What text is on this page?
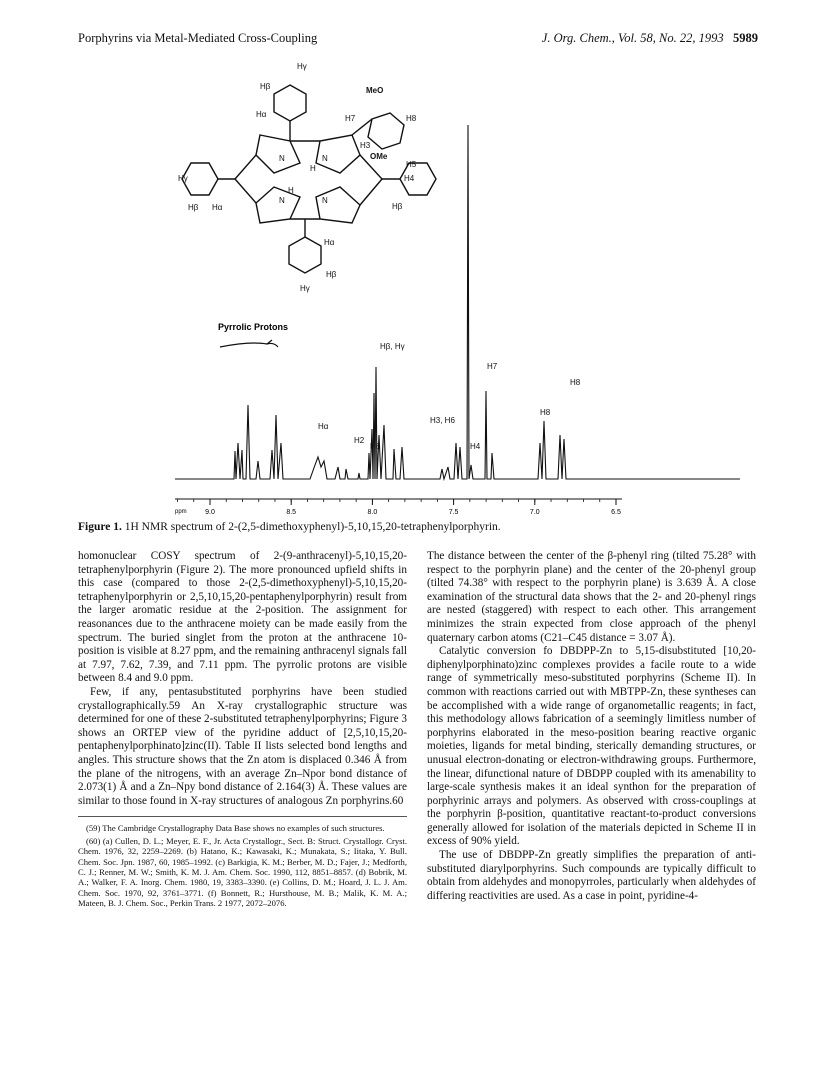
Porphyrins via Metal-Mediated Cross-Coupling	J. Org. Chem., Vol. 58, No. 22, 1993 5989
Hγ
Hβ
Hα
MeO
H7	H8
OMe
H3
H5
H4
N	N
N	N
H
H
Hγ
Hβ Hα	Hβ
Hα
Hβ
Hγ
Pyrrolic Protons
Hβ, Hγ
H7
H8
H8
H3, H6
H4
Hα
H2
H6
9.0	8.5	8.0	7.5	7.0	6.5
ppm
Figure 1. 1H NMR spectrum of 2-(2,5-dimethoxyphenyl)-5,10,15,20-tetraphenylporphyrin.

homonuclear COSY spectrum of 2-(9-anthracenyl)-5,10,15,20-tetraphenylporphyrin (Figure 2). The more pronounced upfield shifts in this case (compared to those 2-(2,5-dimethoxyphenyl)-5,10,15,20-tetraphenylporphyrin or 2,5,10,15,20-pentaphenylporphyrin) result from the larger aromatic residue at the 2-position. The assignment for reasonances due to the anthracene moiety can be made easily from the spectrum. The buried singlet from the proton at the anthracene 10-position is visible at 8.27 ppm, and the remaining anthracenyl signals fall at 7.97, 7.62, 7.39, and 7.11 ppm. The pyrrolic protons are visible between 8.4 and 9.0 ppm.

Few, if any, pentasubstituted porphyrins have been studied crystallographically.59 An X-ray crystallographic structure was determined for one of these 2-substituted tetraphenylporphyrins; Figure 3 shows an ORTEP view of the pyridine adduct of [2,5,10,15,20-pentaphenylporphinato]zinc(II). Table II lists selected bond lengths and angles. This structure shows that the Zn atom is displaced 0.346 Å from the plane of the nitrogens, with an average Zn–Npor bond distance of 2.073(1) Å and a Zn–Npy bond distance of 2.164(3) Å. These values are similar to those found in X-ray structures of analogous Zn porphyrins.60

(59) The Cambridge Crystallography Data Base shows no examples of such structures.

(60) (a) Cullen, D. L.; Meyer, E. F., Jr. Acta Crystallogr., Sect. B: Struct. Crystallogr. Cryst. Chem. 1976, 32, 2259–2269. (b) Hatano, K.; Kawasaki, K.; Munakata, S.; Iitaka, Y. Bull. Chem. Soc. Jpn. 1987, 60, 1985–1992. (c) Barkigia, K. M.; Berber, M. D.; Fajer, J.; Medforth, C. J.; Renner, M. W.; Smith, K. M. J. Am. Chem. Soc. 1990, 112, 8851–8857. (d) Bobrik, M. A.; Walker, F. A. Inorg. Chem. 1980, 19, 3383–3390. (e) Collins, D. M.; Hoard, J. L. J. Am. Chem. Soc. 1970, 92, 3761–3771. (f) Bonnett, R.; Hursthouse, M. B.; Malik, K. M. A.; Mateen, B. J. Chem. Soc., Perkin Trans. 2 1977, 2072–2076.

The distance between the center of the β-phenyl ring (tilted 75.28° with respect to the porphyrin plane) and the center of the 20-phenyl group (tilted 74.38° with respect to the porphyrin plane) is 3.639 Å. A close examination of the structural data shows that the 2- and 20-phenyl rings are nested (staggered) with respect to each other. This arrangement minimizes the strain expected from close approach of the phenyl quaternary carbon atoms (C21–C45 distance = 3.07 Å).

Catalytic conversion fo DBDPP-Zn to 5,15-disubstituted [10,20-diphenylporphinato)zinc complexes provides a facile route to a wide range of symmetrically meso-substituted porphyrins (Scheme II). In common with reactions carried out with MBTPP-Zn, these syntheses can be accomplished with a wide range of organometallic reagents; in fact, this methodology allows fabrication of a seemingly limitless number of porphyrins elaborated in the meso-position bearing reactive organic moieties, ligands for metal binding, sterically demanding structures, or unusual electron-donating or electron-withdrawing groups. Furthermore, the linear, difunctional nature of DBDPP coupled with its amenability to large-scale synthesis makes it an ideal synthon for the preparation of porphyrinic arrays and polymers. As observed with cross-couplings at the porphyrin β-position, quantitative reactant-to-product conversions generally allowed for isolation of the materials depicted in Scheme II in excess of 90% yield.

The use of DBDPP-Zn greatly simplifies the preparation of anti-substituted diarylporphyrins. Such compounds are typically difficult to obtain from aldehydes and monopyrroles, particularly when aldehydes of differing reactivities are used. As a case in point, pyridine-4-
